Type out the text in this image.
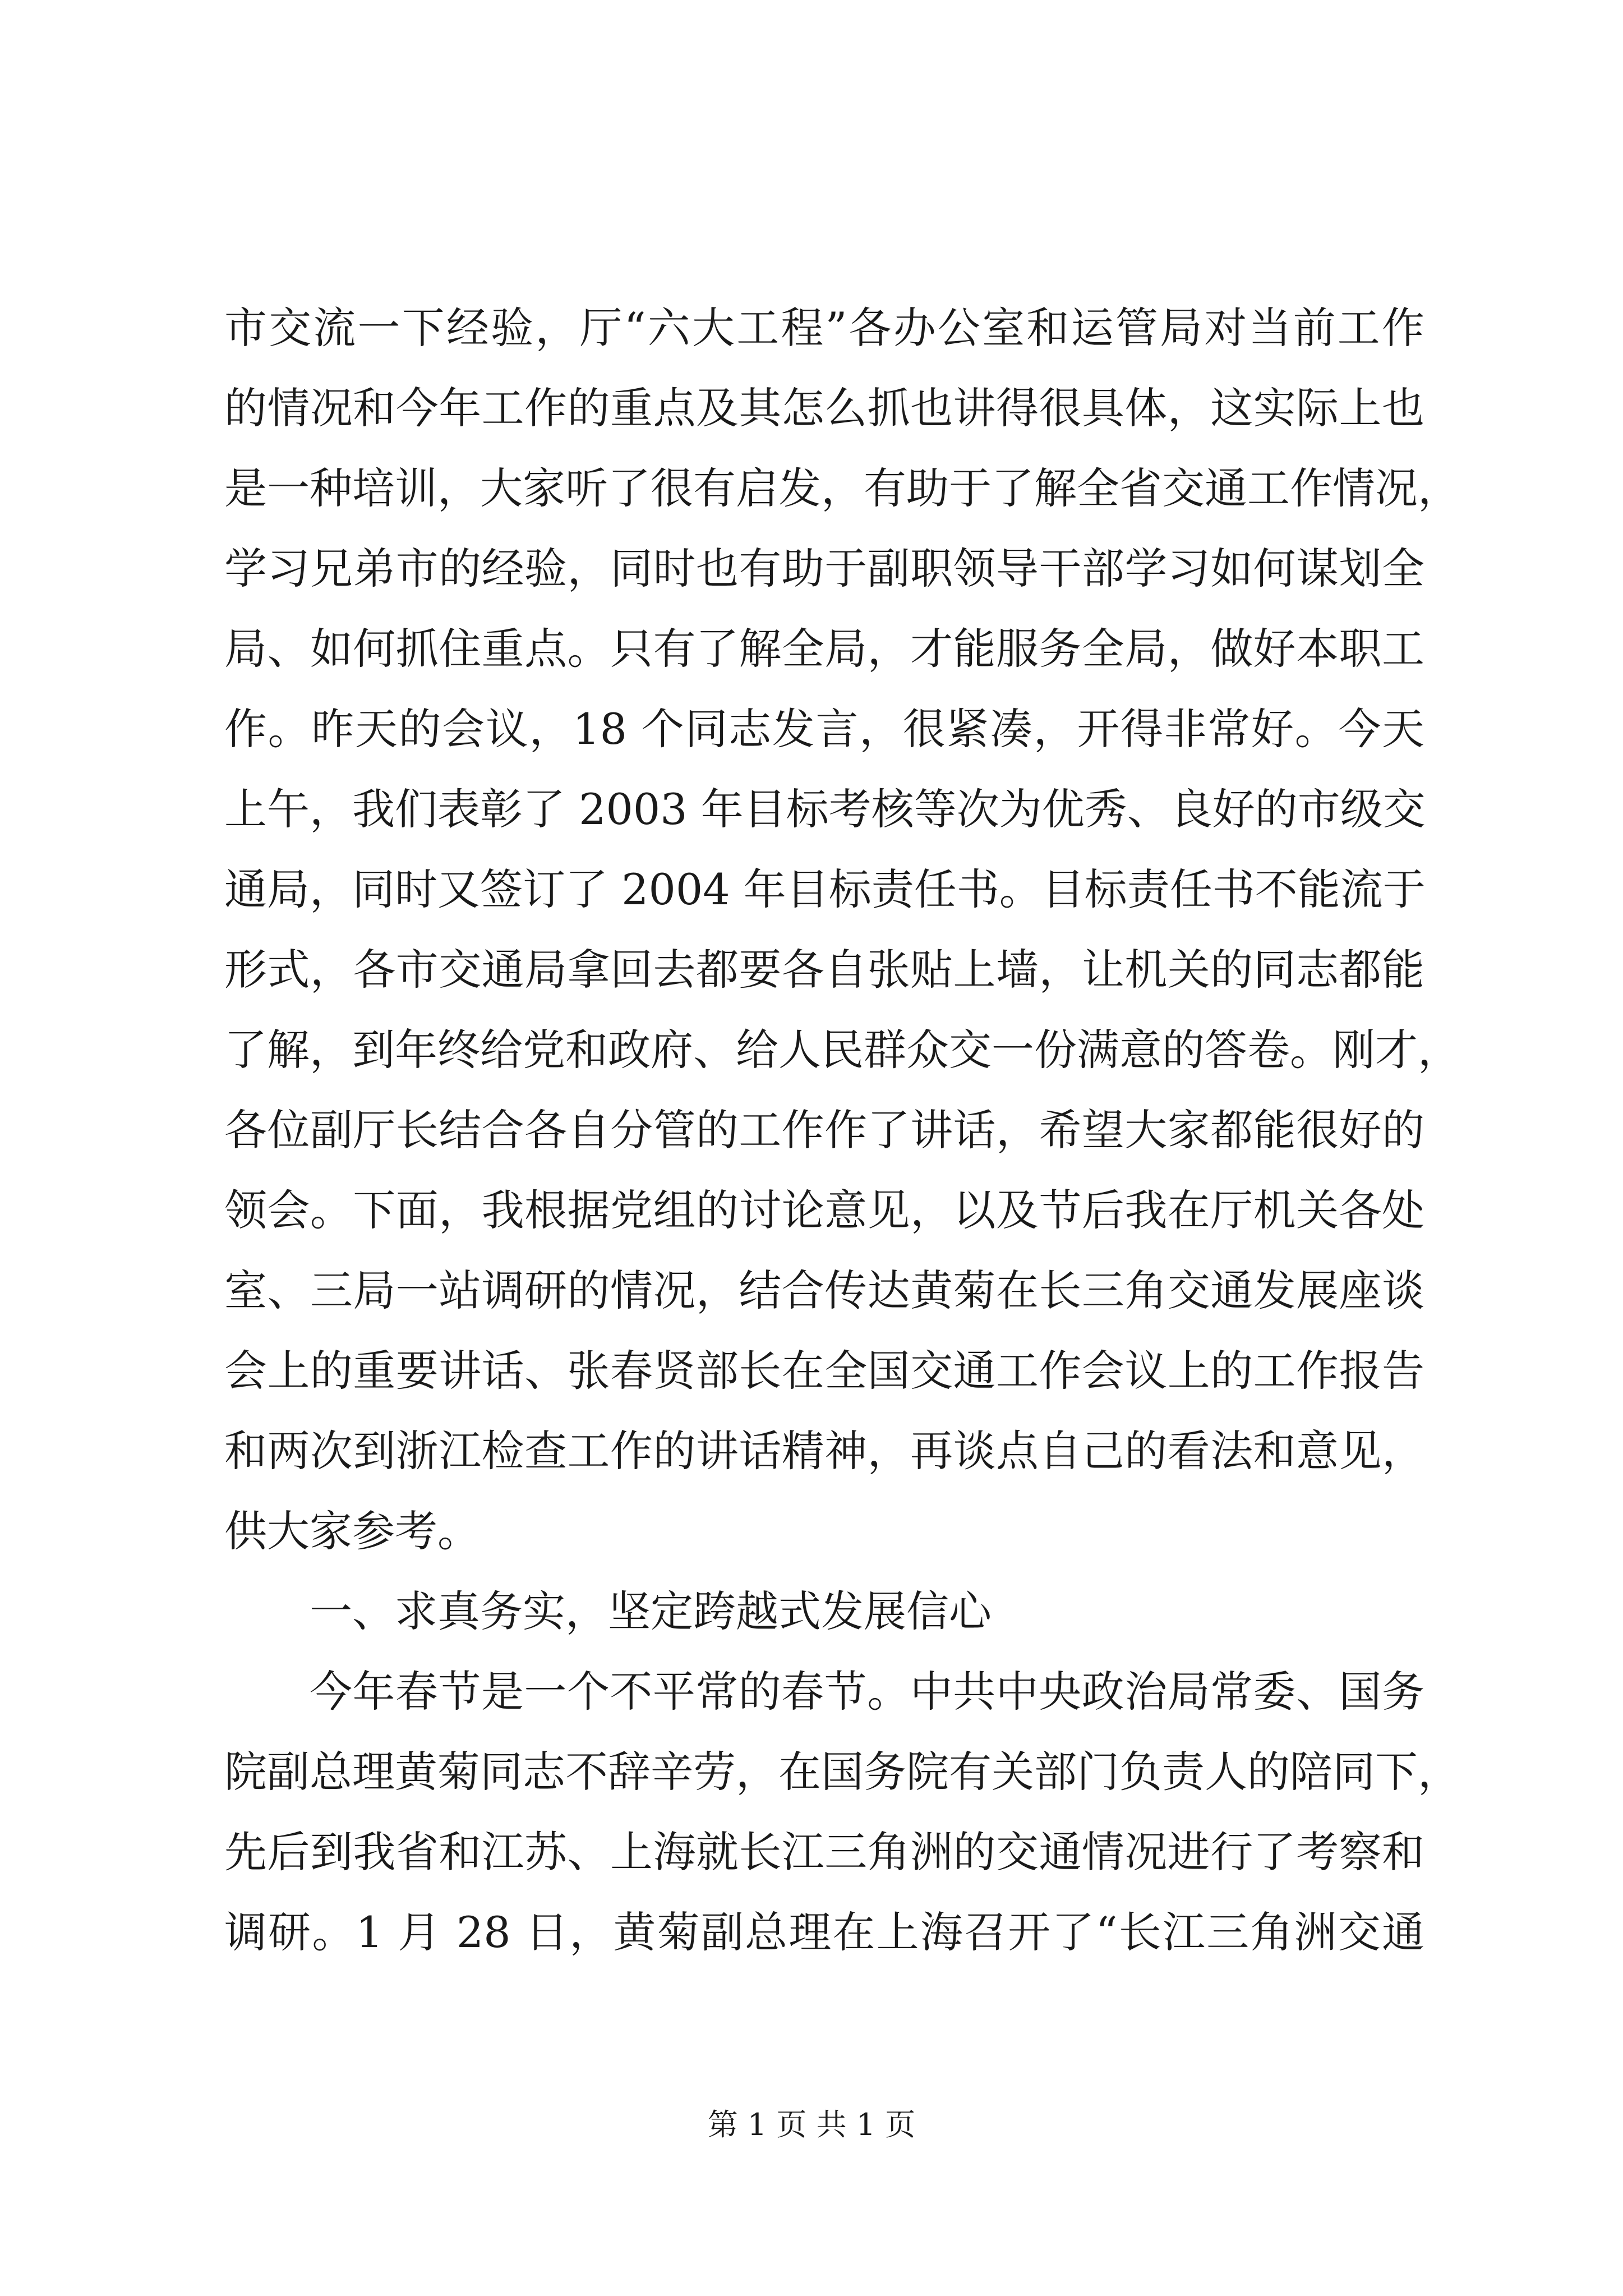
市交流一下经验，厅“六大工程”各办公室和运管局对当前工作
的情况和今年工作的重点及其怎么抓也讲得很具体，这实际上也
是一种培训，大家听了很有启发，有助于了解全省交通工作情况，
学习兄弟市的经验，同时也有助于副职领导干部学习如何谋划全
局、如何抓住重点。只有了解全局，才能服务全局，做好本职工
作。昨天的会议，18 个同志发言，很紧凑，开得非常好。今天
上午，我们表彰了 2003 年目标考核等次为优秀、良好的市级交
通局，同时又签订了 2004 年目标责任书。目标责任书不能流于
形式，各市交通局拿回去都要各自张贴上墙，让机关的同志都能
了解，到年终给党和政府、给人民群众交一份满意的答卷。刚才，
各位副厅长结合各自分管的工作作了讲话，希望大家都能很好的
领会。下面，我根据党组的讨论意见，以及节后我在厅机关各处
室、三局一站调研的情况，结合传达黄菊在长三角交通发展座谈
会上的重要讲话、张春贤部长在全国交通工作会议上的工作报告
和两次到浙江检查工作的讲话精神，再谈点自己的看法和意见，
供大家参考。
一、求真务实，坚定跨越式发展信心
今年春节是一个不平常的春节。中共中央政治局常委、国务
院副总理黄菊同志不辞辛劳，在国务院有关部门负责人的陪同下，
先后到我省和江苏、上海就长江三角洲的交通情况进行了考察和
调研。1 月 28 日，黄菊副总理在上海召开了“长江三角洲交通
第 1 页 共 1 页
